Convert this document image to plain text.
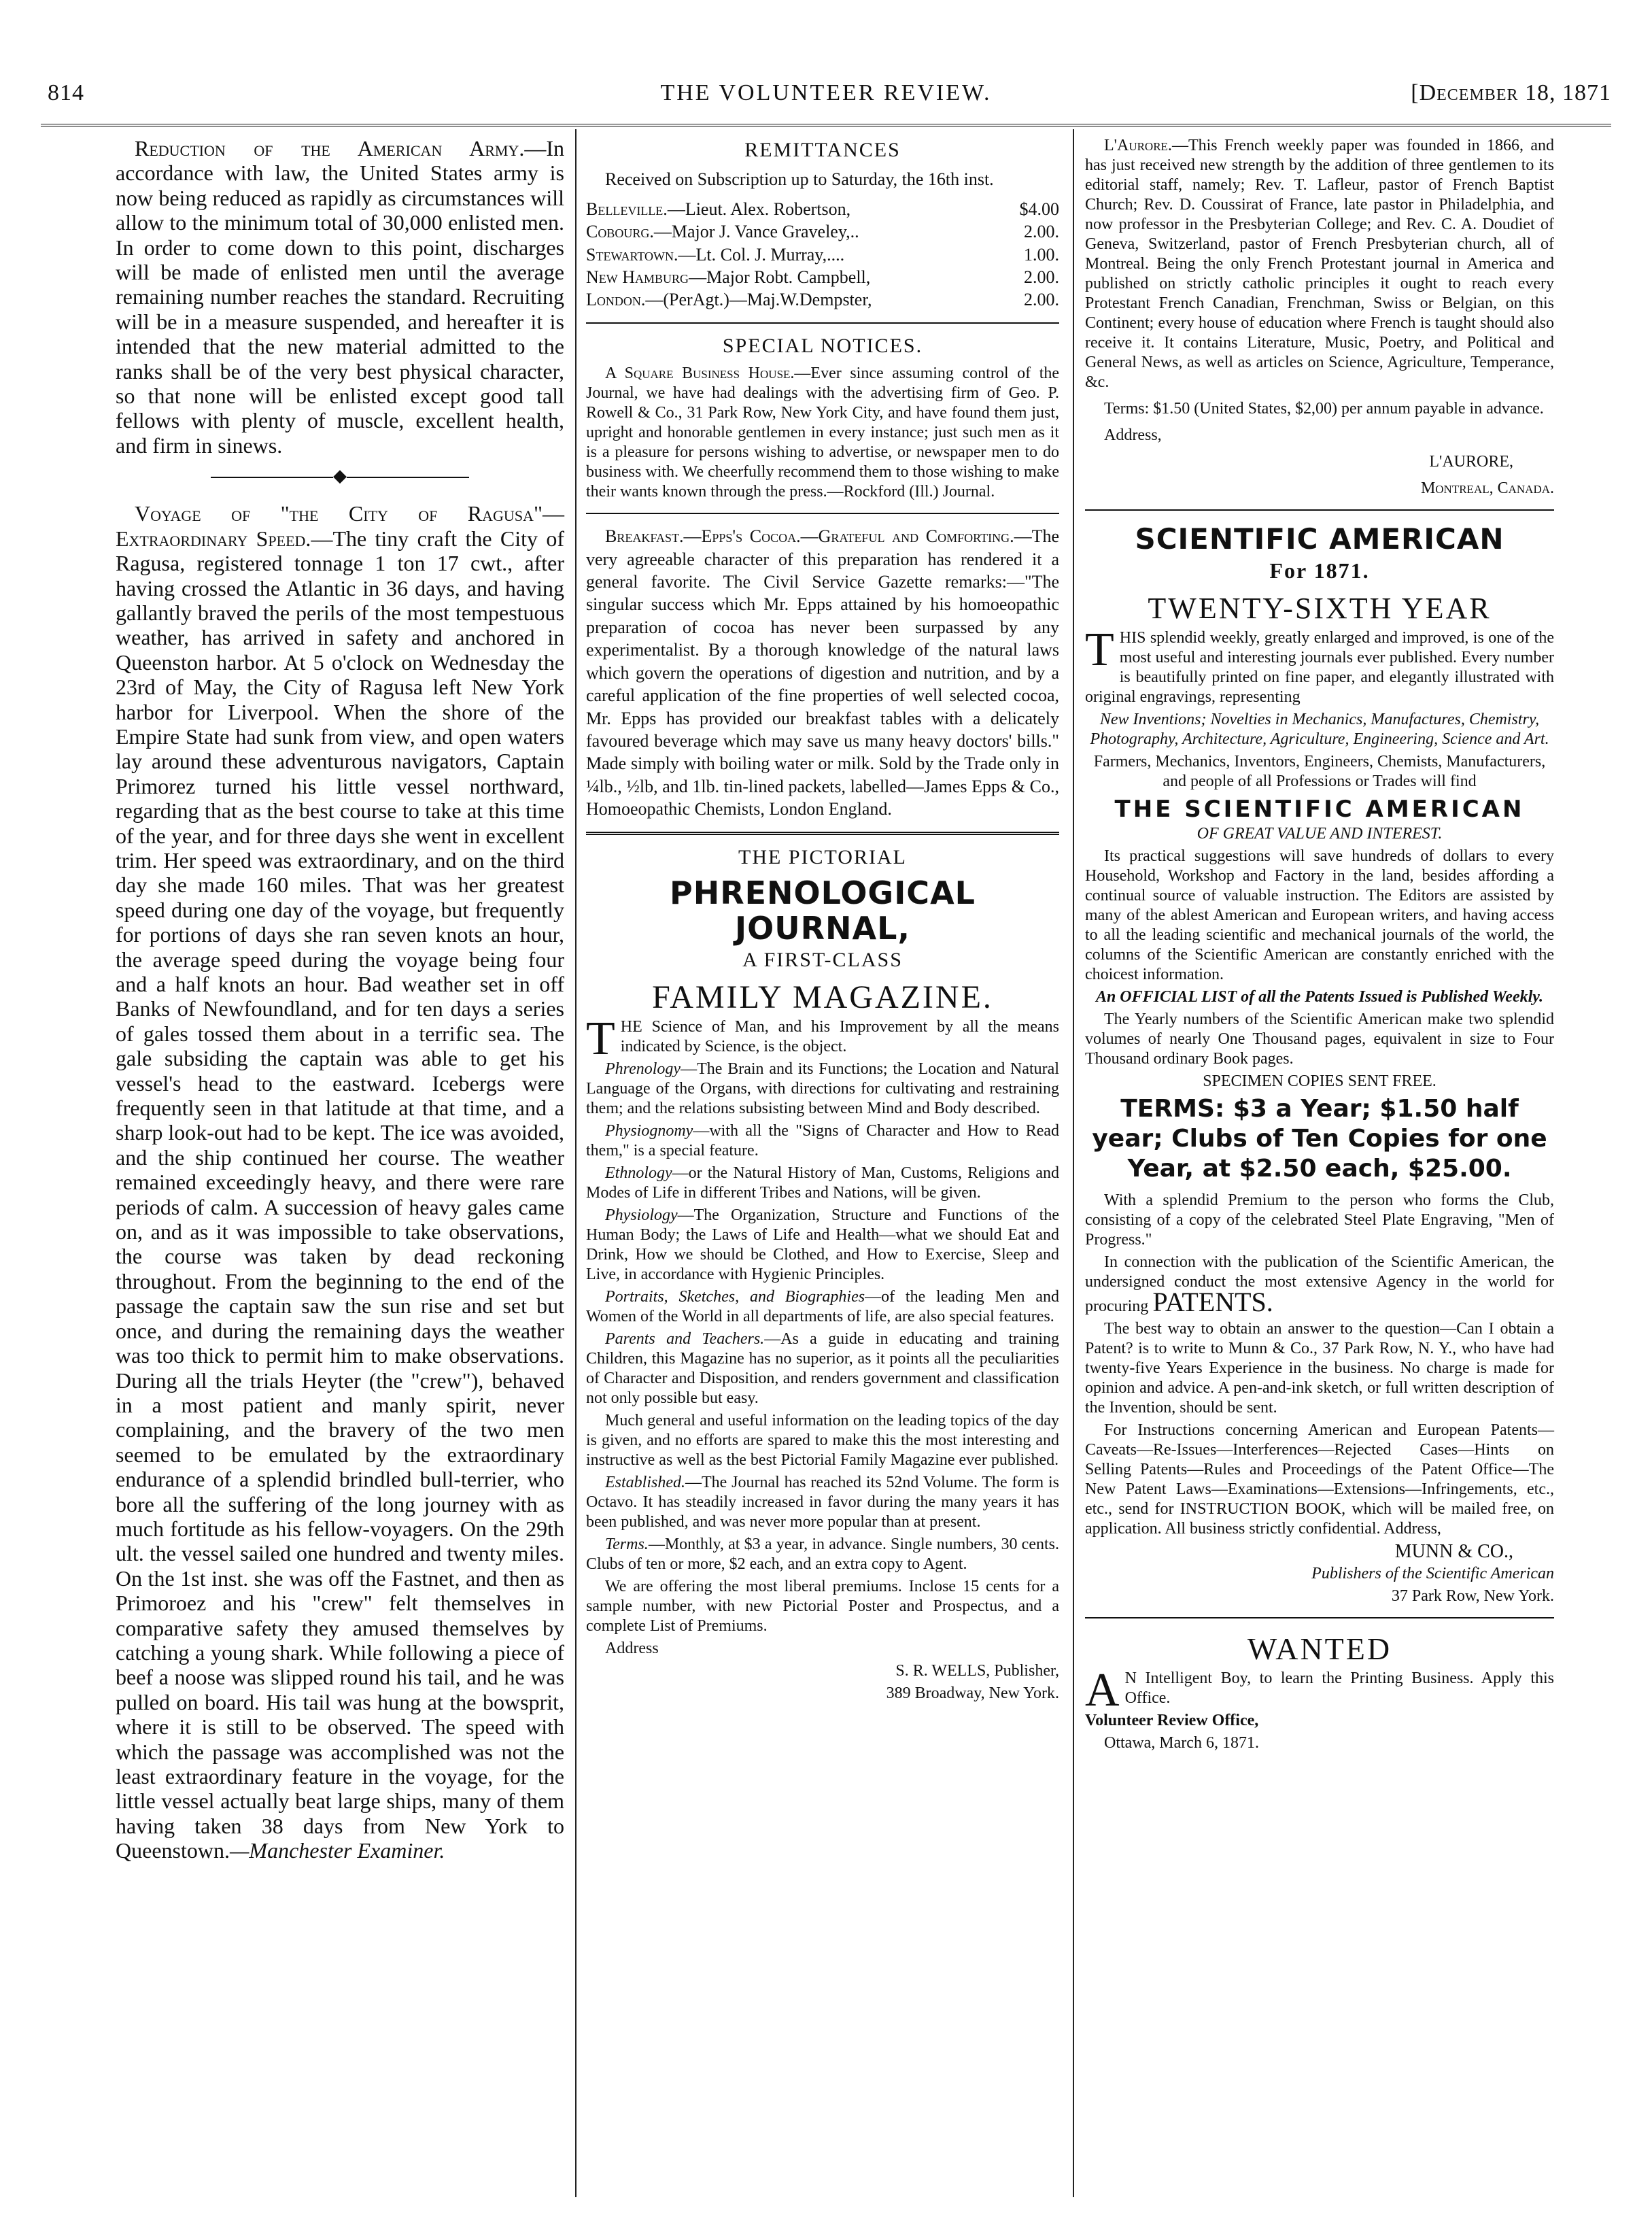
814	THE VOLUNTEER REVIEW.	[December 18, 1871

Reduction of the American Army.—In accordance with law, the United States army is now being reduced as rapidly as circumstances will allow to the minimum total of 30,000 enlisted men. In order to come down to this point, discharges will be made of enlisted men until the average remaining number reaches the standard. Recruiting will be in a measure suspended, and hereafter it is intended that the new material admitted to the ranks shall be of the very best physical character, so that none will be enlisted except good tall fellows with plenty of muscle, excellent health, and firm in sinews.

◆

Voyage of "the City of Ragusa"—Extraordinary Speed.—The tiny craft the City of Ragusa, registered tonnage 1 ton 17 cwt., after having crossed the Atlantic in 36 days, and having gallantly braved the perils of the most tempestuous weather, has arrived in safety and anchored in Queenston harbor. At 5 o'clock on Wednesday the 23rd of May, the City of Ragusa left New York harbor for Liverpool. When the shore of the Empire State had sunk from view, and open waters lay around these adventurous navigators, Captain Primorez turned his little vessel northward, regarding that as the best course to take at this time of the year, and for three days she went in excellent trim. Her speed was extraordinary, and on the third day she made 160 miles. That was her greatest speed during one day of the voyage, but frequently for portions of days she ran seven knots an hour, the average speed during the voyage being four and a half knots an hour. Bad weather set in off Banks of Newfoundland, and for ten days a series of gales tossed them about in a terrific sea. The gale subsiding the captain was able to get his vessel's head to the eastward. Icebergs were frequently seen in that latitude at that time, and a sharp look-out had to be kept. The ice was avoided, and the ship continued her course. The weather remained exceedingly heavy, and there were rare periods of calm. A succession of heavy gales came on, and as it was impossible to take observations, the course was taken by dead reckoning throughout. From the beginning to the end of the passage the captain saw the sun rise and set but once, and during the remaining days the weather was too thick to permit him to make observations. During all the trials Heyter (the "crew"), behaved in a most patient and manly spirit, never complaining, and the bravery of the two men seemed to be emulated by the extraordinary endurance of a splendid brindled bull-terrier, who bore all the suffering of the long journey with as much fortitude as his fellow-voyagers. On the 29th ult. the vessel sailed one hundred and twenty miles. On the 1st inst. she was off the Fastnet, and then as Primoroez and his "crew" felt themselves in comparative safety they amused themselves by catching a young shark. While following a piece of beef a noose was slipped round his tail, and he was pulled on board. His tail was hung at the bowsprit, where it is still to be observed. The speed with which the passage was accomplished was not the least extraordinary feature in the voyage, for the little vessel actually beat large ships, many of them having taken 38 days from New York to Queenstown.—Manchester Examiner.

REMITTANCES

Received on Subscription up to Saturday, the 16th inst.

Belleville.—Lieut. Alex. Robertson,	$4.00
Cobourg.—Major J. Vance Graveley,..	2.00.
Stewartown.—Lt. Col. J. Murray,....	1.00.
New Hamburg—Major Robt. Campbell,	2.00.
London.—(PerAgt.)—Maj.W.Dempster,	2.00.
SPECIAL NOTICES.

A Square Business House.—Ever since assuming control of the Journal, we have had dealings with the advertising firm of Geo. P. Rowell & Co., 31 Park Row, New York City, and have found them just, upright and honorable gentlemen in every instance; just such men as it is a pleasure for persons wishing to advertise, or newspaper men to do business with. We cheerfully recommend them to those wishing to make their wants known through the press.—Rockford (Ill.) Journal.

Breakfast.—Epps's Cocoa.—Grateful and Comforting.—The very agreeable character of this preparation has rendered it a general favorite. The Civil Service Gazette remarks:—"The singular success which Mr. Epps attained by his homoeopathic preparation of cocoa has never been surpassed by any experimentalist. By a thorough knowledge of the natural laws which govern the operations of digestion and nutrition, and by a careful application of the fine properties of well selected cocoa, Mr. Epps has provided our breakfast tables with a delicately favoured beverage which may save us many heavy doctors' bills." Made simply with boiling water or milk. Sold by the Trade only in ¼lb., ½lb, and 1lb. tin-lined packets, labelled—James Epps & Co., Homoeopathic Chemists, London England.

THE PICTORIAL
PHRENOLOGICAL JOURNAL,
A FIRST-CLASS
FAMILY MAGAZINE.

THE Science of Man, and his Improvement by all the means indicated by Science, is the object.

Phrenology—The Brain and its Functions; the Location and Natural Language of the Organs, with directions for cultivating and restraining them; and the relations subsisting between Mind and Body described.

Physiognomy—with all the "Signs of Character and How to Read them," is a special feature.

Ethnology—or the Natural History of Man, Customs, Religions and Modes of Life in different Tribes and Nations, will be given.

Physiology—The Organization, Structure and Functions of the Human Body; the Laws of Life and Health—what we should Eat and Drink, How we should be Clothed, and How to Exercise, Sleep and Live, in accordance with Hygienic Principles.

Portraits, Sketches, and Biographies—of the leading Men and Women of the World in all departments of life, are also special features.

Parents and Teachers.—As a guide in educating and training Children, this Magazine has no superior, as it points all the peculiarities of Character and Disposition, and renders government and classification not only possible but easy.

Much general and useful information on the leading topics of the day is given, and no efforts are spared to make this the most interesting and instructive as well as the best Pictorial Family Magazine ever published.

Established.—The Journal has reached its 52nd Volume. The form is Octavo. It has steadily increased in favor during the many years it has been published, and was never more popular than at present.

Terms.—Monthly, at $3 a year, in advance. Single numbers, 30 cents. Clubs of ten or more, $2 each, and an extra copy to Agent.

We are offering the most liberal premiums. Inclose 15 cents for a sample number, with new Pictorial Poster and Prospectus, and a complete List of Premiums.

Address

S. R. WELLS, Publisher,

389 Broadway, New York.

L'Aurore.—This French weekly paper was founded in 1866, and has just received new strength by the addition of three gentlemen to its editorial staff, namely; Rev. T. Lafleur, pastor of French Baptist Church; Rev. D. Coussirat of France, late pastor in Philadelphia, and now professor in the Presbyterian College; and Rev. C. A. Doudiet of Geneva, Switzerland, pastor of French Presbyterian church, all of Montreal. Being the only French Protestant journal in America and published on strictly catholic principles it ought to reach every Protestant French Canadian, Frenchman, Swiss or Belgian, on this Continent; every house of education where French is taught should also receive it. It contains Literature, Music, Poetry, and Political and General News, as well as articles on Science, Agriculture, Temperance, &c.

Terms: $1.50 (United States, $2,00) per annum payable in advance.

Address,

L'AURORE,

Montreal, Canada.

SCIENTIFIC AMERICAN
For 1871.
TWENTY-SIXTH YEAR

THIS splendid weekly, greatly enlarged and improved, is one of the most useful and interesting journals ever published. Every number is beautifully printed on fine paper, and elegantly illustrated with original engravings, representing

New Inventions; Novelties in Mechanics, Manufactures, Chemistry, Photography, Architecture, Agriculture, Engineering, Science and Art.

Farmers, Mechanics, Inventors, Engineers, Chemists, Manufacturers, and people of all Professions or Trades will find

THE SCIENTIFIC AMERICAN

OF GREAT VALUE AND INTEREST.

Its practical suggestions will save hundreds of dollars to every Household, Workshop and Factory in the land, besides affording a continual source of valuable instruction. The Editors are assisted by many of the ablest American and European writers, and having access to all the leading scientific and mechanical journals of the world, the columns of the Scientific American are constantly enriched with the choicest information.

An OFFICIAL LIST of all the Patents Issued is Published Weekly.

The Yearly numbers of the Scientific American make two splendid volumes of nearly One Thousand pages, equivalent in size to Four Thousand ordinary Book pages.

SPECIMEN COPIES SENT FREE.

TERMS: $3 a Year; $1.50 half year; Clubs of Ten Copies for one Year, at $2.50 each, $25.00.

With a splendid Premium to the person who forms the Club, consisting of a copy of the celebrated Steel Plate Engraving, "Men of Progress."

In connection with the publication of the Scientific American, the undersigned conduct the most extensive Agency in the world for procuring PATENTS.

The best way to obtain an answer to the question—Can I obtain a Patent? is to write to Munn & Co., 37 Park Row, N. Y., who have had twenty-five Years Experience in the business. No charge is made for opinion and advice. A pen-and-ink sketch, or full written description of the Invention, should be sent.

For Instructions concerning American and European Patents—Caveats—Re-Issues—Interferences—Rejected Cases—Hints on Selling Patents—Rules and Proceedings of the Patent Office—The New Patent Laws—Examinations—Extensions—Infringements, etc., etc., send for INSTRUCTION BOOK, which will be mailed free, on application. All business strictly confidential. Address,

MUNN & CO.,

Publishers of the Scientific American

37 Park Row, New York.

WANTED

A N Intelligent Boy, to learn the Printing Business. Apply this Office.

Volunteer Review Office,

Ottawa, March 6, 1871.
